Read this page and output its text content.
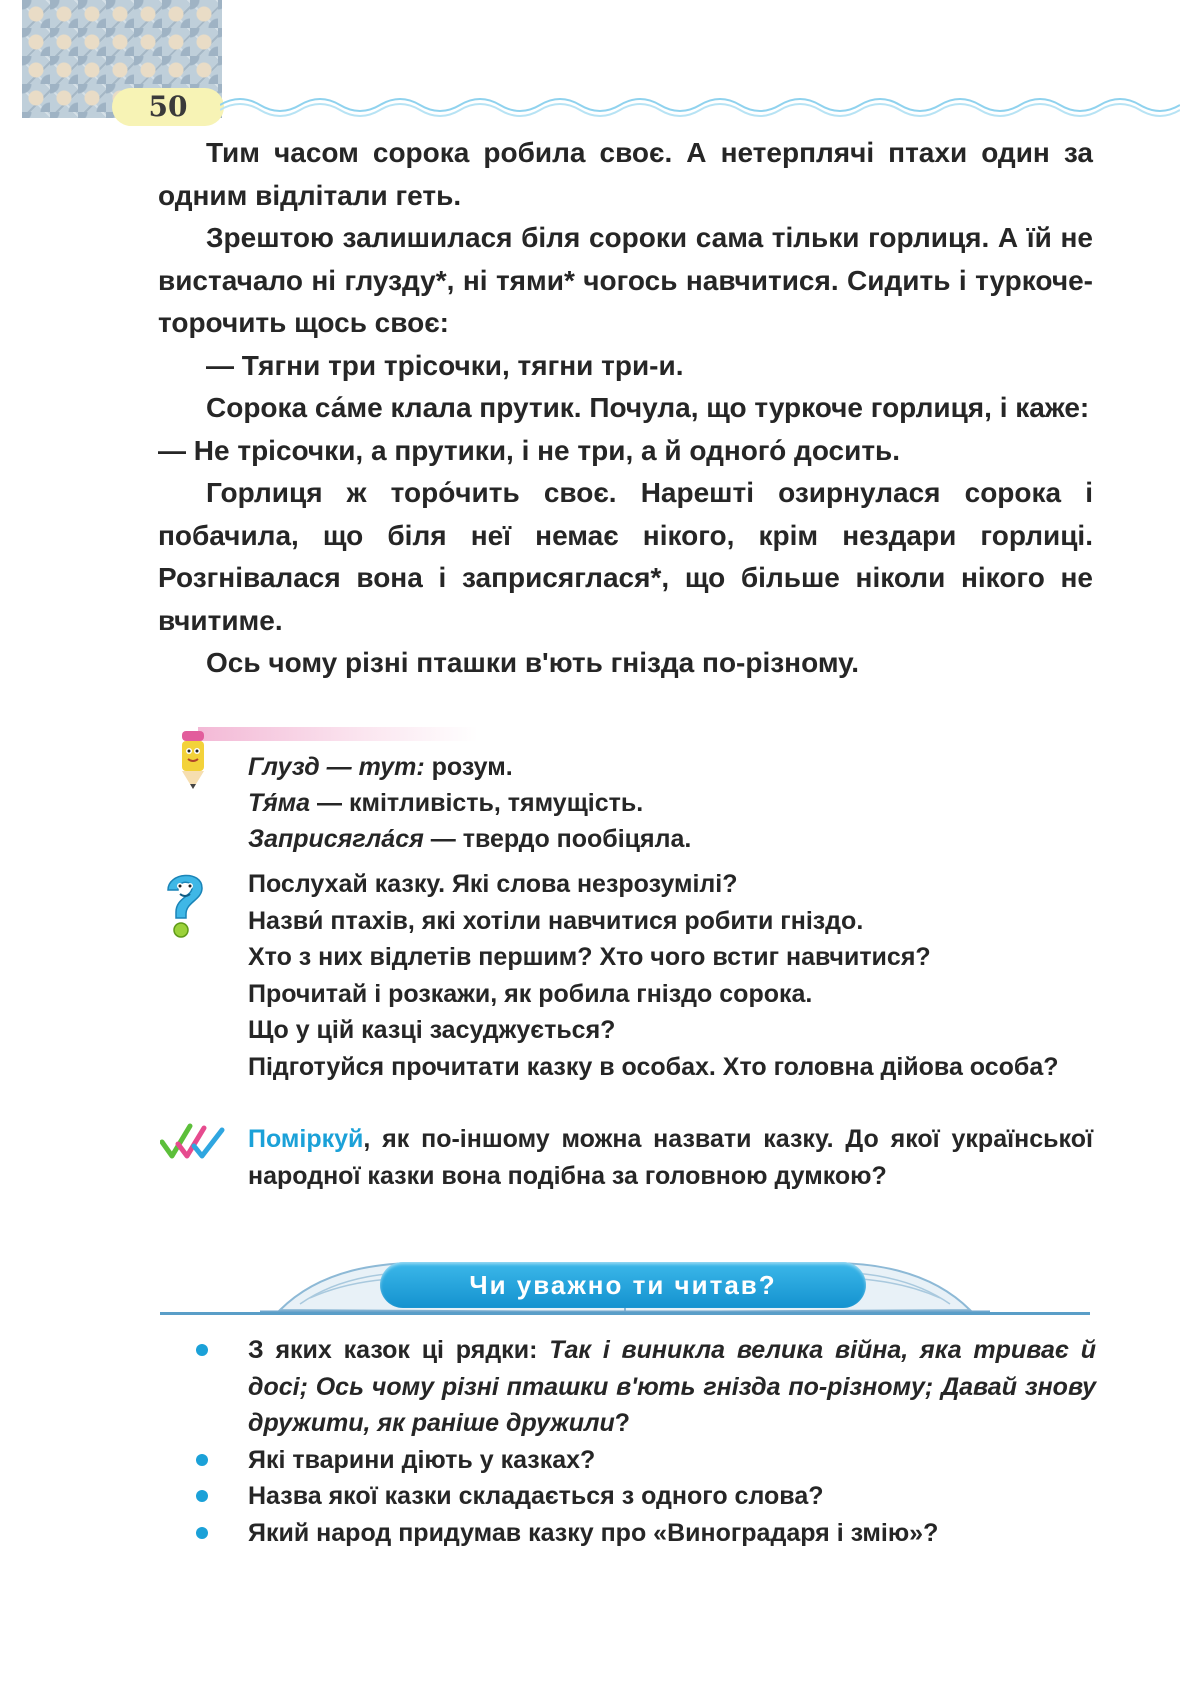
50

Тим часом сорока робила своє. А нетерплячі птахи один за одним відлітали геть.

Зрештою залишилася біля сороки сама тільки горлиця. А їй не вистачало ні глузду*, ні тями* чогось навчитися. Сидить і туркоче-торочить щось своє:

— Тягни три трісочки, тягни три-и.

Сорока са́ме клала прутик. Почула, що туркоче горлиця, і каже:

— Не трісочки, а прутики, і не три, а й одного́ досить.

Горлиця ж торо́чить своє. Нарешті озирнулася сорока і побачила, що біля неї немає нікого, крім нездари горлиці. Розгнівалася вона і заприсяглася*, що більше ніколи нікого не вчитиме.

Ось чому різні пташки в'ють гнізда по-різному.

Глузд — тут: розум.
Тя́ма — кмітливість, тямущість.
Заприсягла́ся — твердо пообіцяла.
Послухай казку. Які слова незрозумілі?
Назви́ птахів, які хотіли навчитися робити гніздо.
Хто з них відлетів першим? Хто чого встиг навчитися?
Прочитай і розкажи, як робила гніздо сорока.
Що у цій казці засуджується?
Підготуйся прочитати казку в особах. Хто головна дійова особа?

Поміркуй, як по-іншому можна назвати казку. До якої української народної казки вона подібна за головною думкою?

Чи уважно ти читав?

З яких казок ці рядки: Так і виникла велика війна, яка триває й досі; Ось чому різні пташки в'ють гнізда по-різному; Давай знову дружити, як раніше дружили?

Які тварини діють у казках?

Назва якої казки складається з одного слова?

Який народ придумав казку про «Виноградаря і змію»?
